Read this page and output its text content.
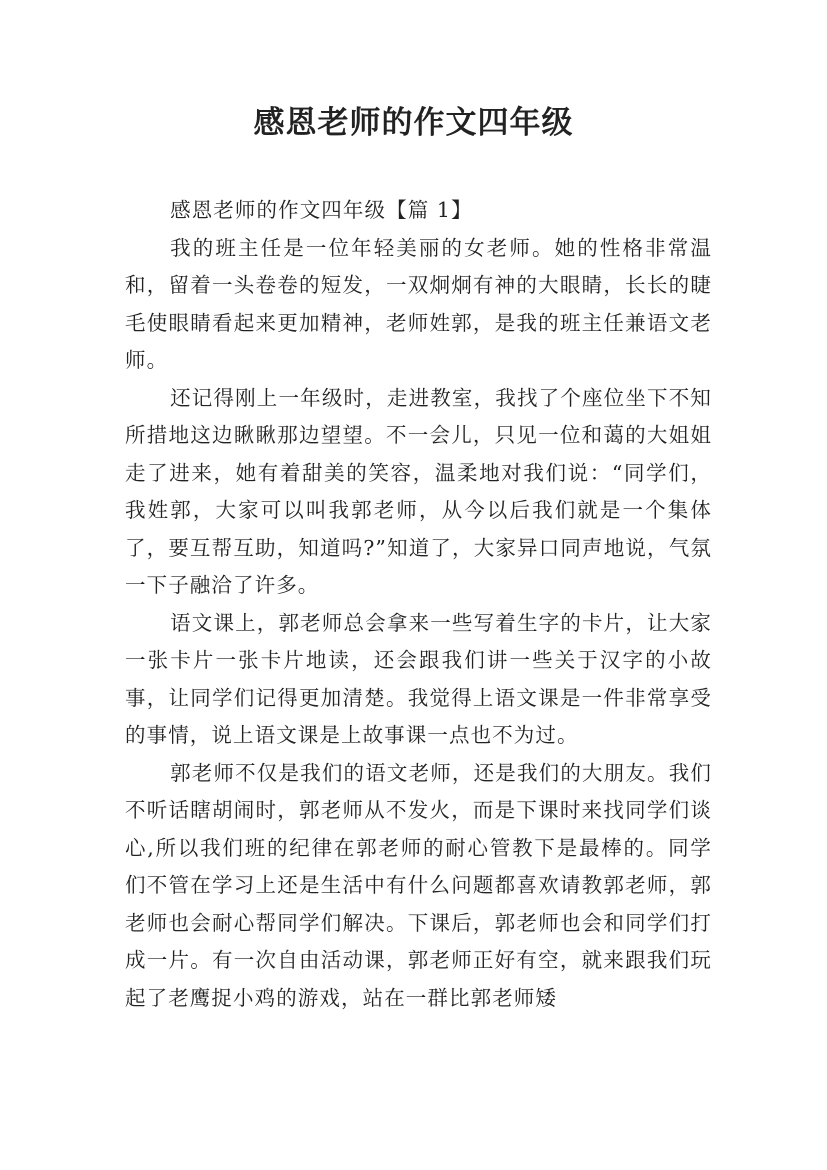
感恩老师的作文四年级

感恩老师的作文四年级【篇 1】

我的班主任是一位年轻美丽的女老师。她的性格非常温和，留着一头卷卷的短发，一双炯炯有神的大眼睛，长长的睫毛使眼睛看起来更加精神，老师姓郭，是我的班主任兼语文老师。

还记得刚上一年级时，走进教室，我找了个座位坐下不知所措地这边瞅瞅那边望望。不一会儿，只见一位和蔼的大姐姐走了进来，她有着甜美的笑容，温柔地对我们说：“同学们，我姓郭，大家可以叫我郭老师，从今以后我们就是一个集体了，要互帮互助，知道吗?”知道了，大家异口同声地说，气氛一下子融洽了许多。

语文课上，郭老师总会拿来一些写着生字的卡片，让大家一张卡片一张卡片地读，还会跟我们讲一些关于汉字的小故事，让同学们记得更加清楚。我觉得上语文课是一件非常享受的事情，说上语文课是上故事课一点也不为过。

郭老师不仅是我们的语文老师，还是我们的大朋友。我们不听话瞎胡闹时，郭老师从不发火，而是下课时来找同学们谈心,所以我们班的纪律在郭老师的耐心管教下是最棒的。同学们不管在学习上还是生活中有什么问题都喜欢请教郭老师，郭老师也会耐心帮同学们解决。下课后，郭老师也会和同学们打成一片。有一次自由活动课，郭老师正好有空，就来跟我们玩起了老鹰捉小鸡的游戏，站在一群比郭老师矮
